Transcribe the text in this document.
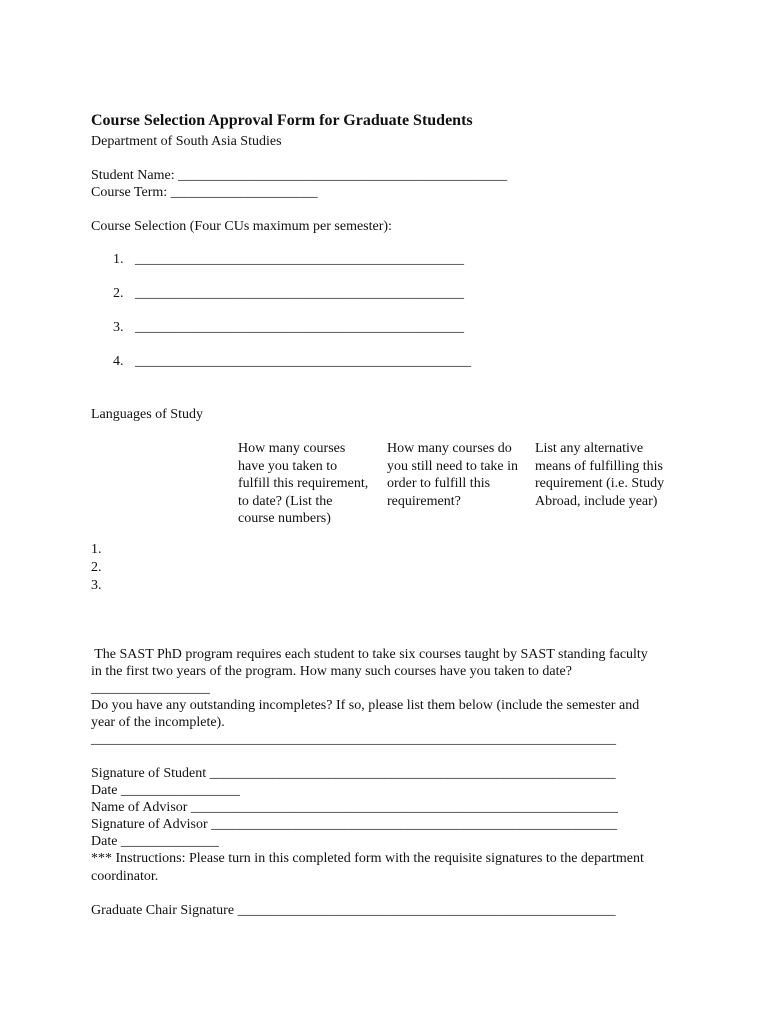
Course Selection Approval Form for Graduate Students
Department of South Asia Studies
Student Name: _______________________________________________
Course Term: _____________________
Course Selection (Four CUs maximum per semester):
1. _______________________________________________
2. _______________________________________________
3. _______________________________________________
4. ________________________________________________
Languages of Study
How many courses have you taken to fulfill this requirement, to date? (List the course numbers)
How many courses do you still need to take in order to fulfill this requirement?
List any alternative means of fulfilling this requirement (i.e. Study Abroad, include year)
1.
2.
3.
The SAST PhD program requires each student to take six courses taught by SAST standing faculty
in the first two years of the program. How many such courses have you taken to date?
_________________
Do you have any outstanding incompletes? If so, please list them below (include the semester and
year of the incomplete).
___________________________________________________________________________
Signature of Student __________________________________________________________
Date _________________
Name of Advisor _____________________________________________________________
Signature of Advisor __________________________________________________________
Date ______________
*** Instructions: Please turn in this completed form with the requisite signatures to the department
coordinator.
Graduate Chair Signature ______________________________________________________
